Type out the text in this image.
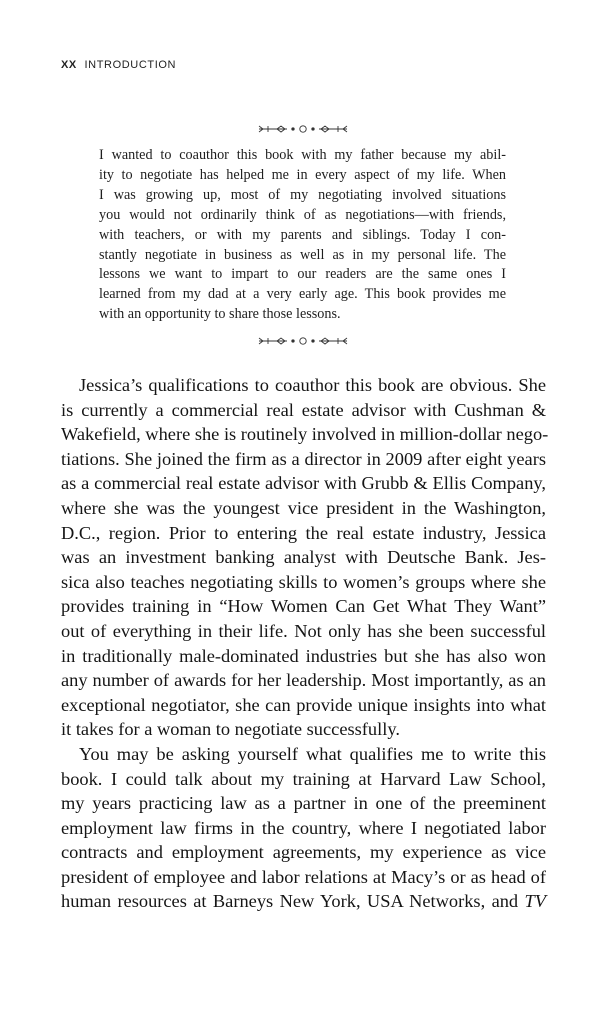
XX INTRODUCTION
I wanted to coauthor this book with my father because my abil-
ity to negotiate has helped me in every aspect of my life. When
I was growing up, most of my negotiating involved situations
you would not ordinarily think of as negotiations—with friends,
with teachers, or with my parents and siblings. Today I con-
stantly negotiate in business as well as in my personal life. The
lessons we want to impart to our readers are the same ones I
learned from my dad at a very early age. This book provides me
with an opportunity to share those lessons.
Jessica’s qualifications to coauthor this book are obvious. She
is currently a commercial real estate advisor with Cushman &
Wakefield, where she is routinely involved in million-dollar nego-
tiations. She joined the firm as a director in 2009 after eight years
as a commercial real estate advisor with Grubb & Ellis Company,
where she was the youngest vice president in the Washington,
D.C., region. Prior to entering the real estate industry, Jessica
was an investment banking analyst with Deutsche Bank. Jes-
sica also teaches negotiating skills to women’s groups where she
provides training in “How Women Can Get What They Want”
out of everything in their life. Not only has she been successful
in traditionally male-dominated industries but she has also won
any number of awards for her leadership. Most importantly, as an
exceptional negotiator, she can provide unique insights into what
it takes for a woman to negotiate successfully.
You may be asking yourself what qualifies me to write this
book. I could talk about my training at Harvard Law School,
my years practicing law as a partner in one of the preeminent
employment law firms in the country, where I negotiated labor
contracts and employment agreements, my experience as vice
president of employee and labor relations at Macy’s or as head of
human resources at Barneys New York, USA Networks, and TV
